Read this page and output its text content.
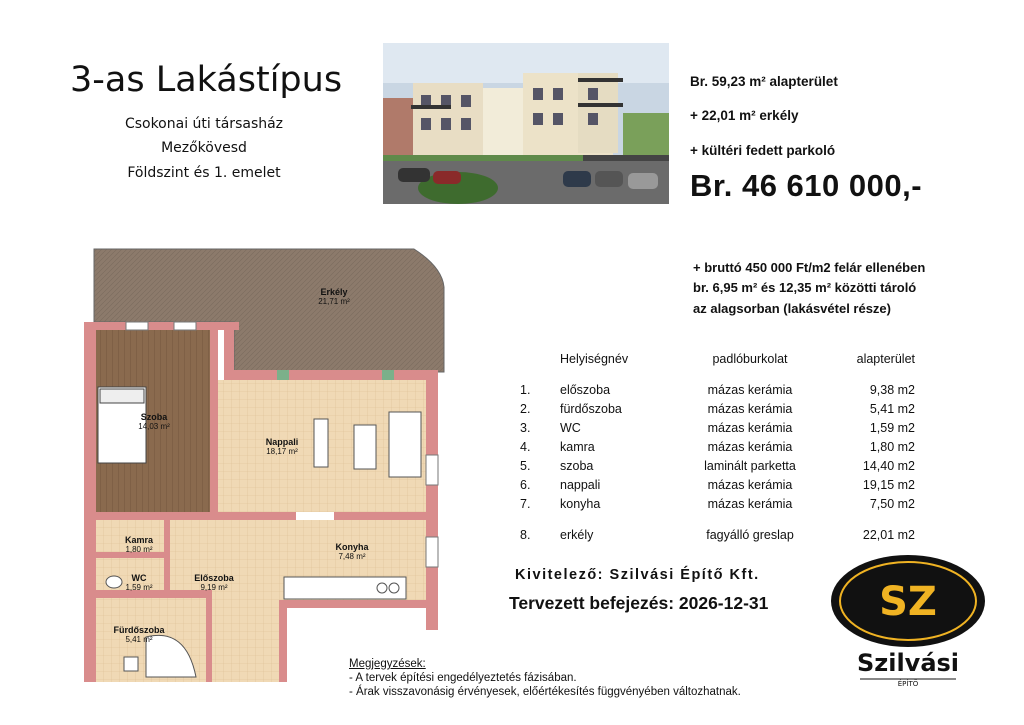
3-as Lakástípus
Csokonai úti társasház
Mezőkövesd
Földszint és 1. emelet
Br. 59,23 m² alapterület
+ 22,01 m² erkély
+ kültéri fedett parkoló
Br. 46 610 000,-
+ bruttó 450 000 Ft/m2 felár ellenében
br. 6,95 m² és 12,35 m² közötti tároló
az alagsorban (lakásvétel része)
Erkély
21,71 m²
Szoba
14,03 m²
Nappali
18,17 m²
Konyha
7,48 m²
Kamra
1,80 m²
WC
1,59 m²
Előszoba
9,19 m²
Fürdőszoba
5,41 m²
	Helyiségnév	padlóburkolat	alapterület
1.	előszoba	mázas kerámia	9,38 m2
2.	fürdőszoba	mázas kerámia	5,41 m2
3.	WC	mázas kerámia	1,59 m2
4.	kamra	mázas kerámia	1,80 m2
5.	szoba	laminált parketta	14,40 m2
6.	nappali	mázas kerámia	19,15 m2
7.	konyha	mázas kerámia	7,50 m2

8.	erkély	fagyálló greslap	22,01 m2
Kivitelező: Szilvási Építő Kft.
Tervezett befejezés: 2026-12-31	SZ
Szilvási
ÉPÍTŐ
Megjegyzések:
- A tervek építési engedélyeztetés fázisában.
- Árak visszavonásig érvényesek, előértékesítés függvényében változhatnak.
